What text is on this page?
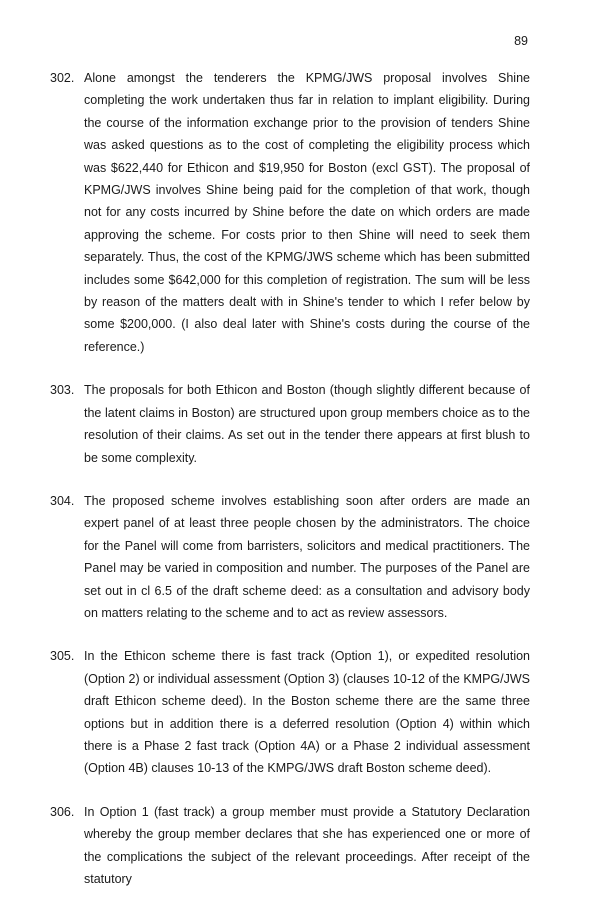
89
302. Alone amongst the tenderers the KPMG/JWS proposal involves Shine completing the work undertaken thus far in relation to implant eligibility. During the course of the information exchange prior to the provision of tenders Shine was asked questions as to the cost of completing the eligibility process which was $622,440 for Ethicon and $19,950 for Boston (excl GST). The proposal of KPMG/JWS involves Shine being paid for the completion of that work, though not for any costs incurred by Shine before the date on which orders are made approving the scheme. For costs prior to then Shine will need to seek them separately. Thus, the cost of the KPMG/JWS scheme which has been submitted includes some $642,000 for this completion of registration. The sum will be less by reason of the matters dealt with in Shine's tender to which I refer below by some $200,000. (I also deal later with Shine's costs during the course of the reference.)
303. The proposals for both Ethicon and Boston (though slightly different because of the latent claims in Boston) are structured upon group members choice as to the resolution of their claims. As set out in the tender there appears at first blush to be some complexity.
304. The proposed scheme involves establishing soon after orders are made an expert panel of at least three people chosen by the administrators. The choice for the Panel will come from barristers, solicitors and medical practitioners. The Panel may be varied in composition and number. The purposes of the Panel are set out in cl 6.5 of the draft scheme deed: as a consultation and advisory body on matters relating to the scheme and to act as review assessors.
305. In the Ethicon scheme there is fast track (Option 1), or expedited resolution (Option 2) or individual assessment (Option 3) (clauses 10-12 of the KMPG/JWS draft Ethicon scheme deed). In the Boston scheme there are the same three options but in addition there is a deferred resolution (Option 4) within which there is a Phase 2 fast track (Option 4A) or a Phase 2 individual assessment (Option 4B) clauses 10-13 of the KMPG/JWS draft Boston scheme deed).
306. In Option 1 (fast track) a group member must provide a Statutory Declaration whereby the group member declares that she has experienced one or more of the complications the subject of the relevant proceedings. After receipt of the statutory
